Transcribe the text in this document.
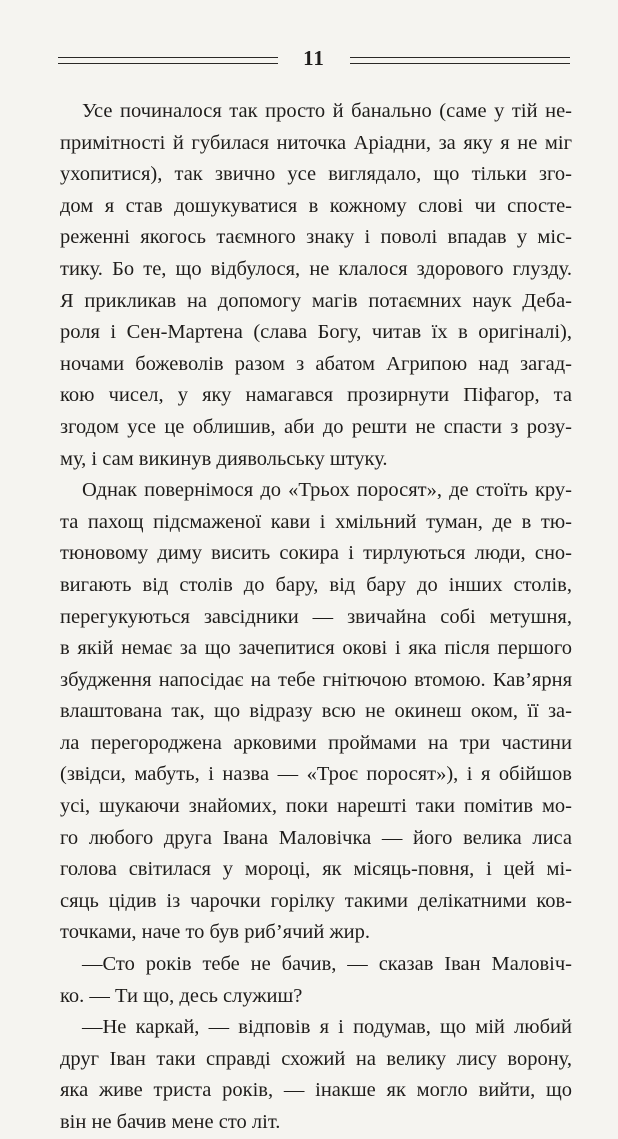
11
Усе починалося так просто й банально (саме у тій не-
примітності й губилася ниточка Аріадни, за яку я не міг
ухопитися), так звично усе виглядало, що тільки зго-
дом я став дошукуватися в кожному слові чи спосте-
реженні якогось таємного знаку і поволі впадав у міс-
тику. Бо те, що відбулося, не клалося здорового глузду.
Я прикликав на допомогу магів потаємних наук Деба-
роля і Сен-Мартена (слава Богу, читав їх в оригіналі),
ночами божеволів разом з абатом Агрипою над загад-
кою чисел, у яку намагався прозирнути Піфагор, та
згодом усе це облишив, аби до решти не спасти з розу-
му, і сам викинув диявольську штуку.
Однак повернімося до «Трьох поросят», де стоїть кру-
та пахощ підсмаженої кави і хмільний туман, де в тю-
тюновому диму висить сокира і тирлуються люди, сно-
вигають від столів до бару, від бару до інших столів,
перегукуються завсідники — звичайна собі метушня,
в якій немає за що зачепитися окові і яка після першого
збудження напосідає на тебе гнітючою втомою. Кав’ярня
влаштована так, що відразу всю не окинеш оком, її за-
ла перегороджена арковими проймами на три частини
(звідси, мабуть, і назва — «Троє поросят»), і я обійшов
усі, шукаючи знайомих, поки нарешті таки помітив мо-
го любого друга Івана Маловічка — його велика лиса
голова світилася у мороці, як місяць-повня, і цей мі-
сяць цідив із чарочки горілку такими делікатними ков-
точками, наче то був риб’ячий жир.
—Сто років тебе не бачив, — сказав Іван Маловіч-
ко. — Ти що, десь служиш?
—Не каркай, — відповів я і подумав, що мій любий
друг Іван таки справді схожий на велику лису ворону,
яка живе триста років, — інакше як могло вийти, що
він не бачив мене сто літ.
